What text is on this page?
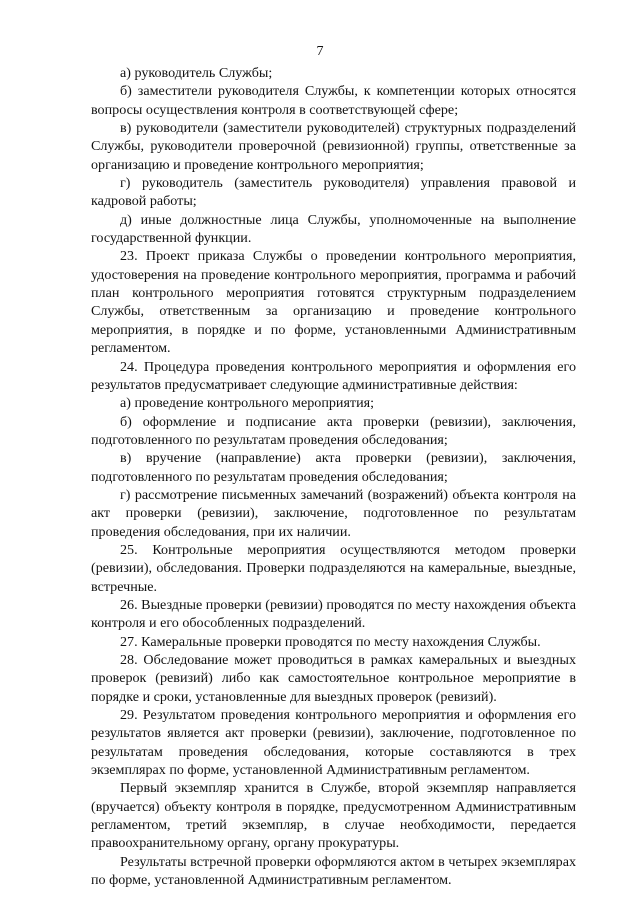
7

а) руководитель Службы;

б) заместители руководителя Службы, к компетенции которых относятся вопросы осуществления контроля в соответствующей сфере;

в) руководители (заместители руководителей) структурных подразделений Службы, руководители проверочной (ревизионной) группы, ответственные за организацию и проведение контрольного мероприятия;

г) руководитель (заместитель руководителя) управления правовой и кадровой работы;

д) иные должностные лица Службы, уполномоченные на выполнение государственной функции.

23. Проект приказа Службы о проведении контрольного мероприятия, удостоверения на проведение контрольного мероприятия, программа и рабочий план контрольного мероприятия готовятся структурным подразделением Службы, ответственным за организацию и проведение контрольного мероприятия, в порядке и по форме, установленными Административным регламентом.

24. Процедура проведения контрольного мероприятия и оформления его результатов предусматривает следующие административные действия:

а) проведение контрольного мероприятия;

б) оформление и подписание акта проверки (ревизии), заключения, подготовленного по результатам проведения обследования;

в) вручение (направление) акта проверки (ревизии), заключения, подготовленного по результатам проведения обследования;

г) рассмотрение письменных замечаний (возражений) объекта контроля на акт проверки (ревизии), заключение, подготовленное по результатам проведения обследования, при их наличии.

25. Контрольные мероприятия осуществляются методом проверки (ревизии), обследования. Проверки подразделяются на камеральные, выездные, встречные.

26. Выездные проверки (ревизии) проводятся по месту нахождения объекта контроля и его обособленных подразделений.

27. Камеральные проверки проводятся по месту нахождения Службы.

28. Обследование может проводиться в рамках камеральных и выездных проверок (ревизий) либо как самостоятельное контрольное мероприятие в порядке и сроки, установленные для выездных проверок (ревизий).

29. Результатом проведения контрольного мероприятия и оформления его результатов является акт проверки (ревизии), заключение, подготовленное по результатам проведения обследования, которые составляются в трех экземплярах по форме, установленной Административным регламентом.

Первый экземпляр хранится в Службе, второй экземпляр направляется (вручается) объекту контроля в порядке, предусмотренном Административным регламентом, третий экземпляр, в случае необходимости, передается правоохранительному органу, органу прокуратуры.

Результаты встречной проверки оформляются актом в четырех экземплярах по форме, установленной Административным регламентом.
